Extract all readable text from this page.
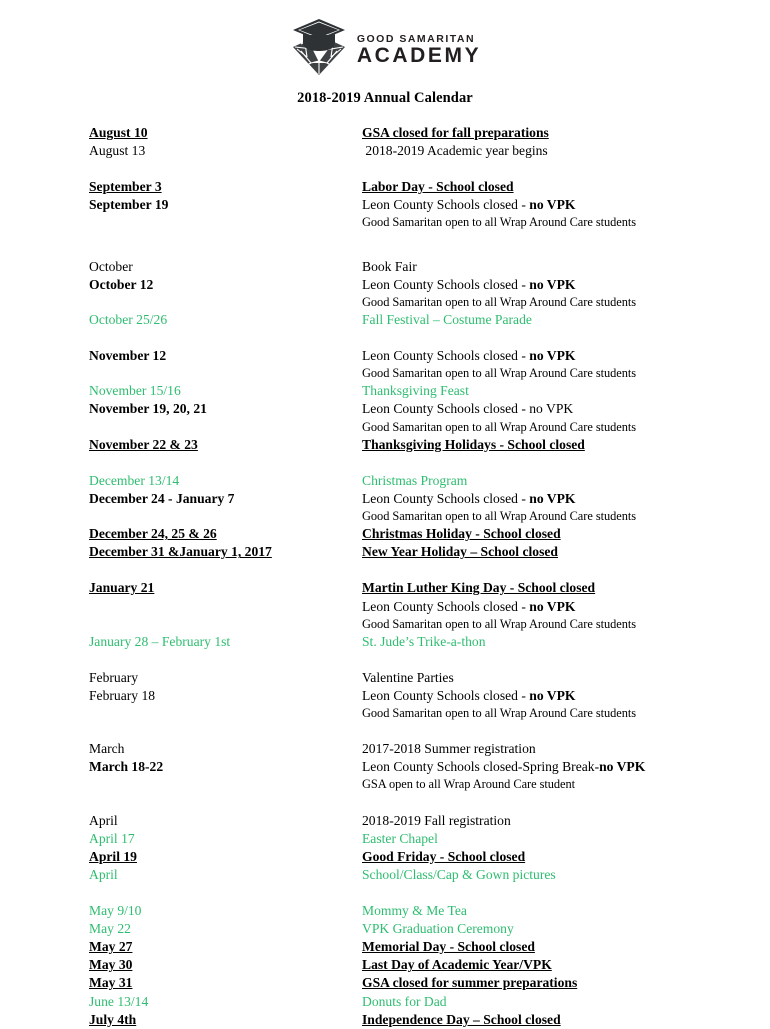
GOOD SAMARITAN
ACADEMY
2018-2019 Annual Calendar
August 10	GSA closed for fall preparations
August 13	2018-2019 Academic year begins
September 3	Labor Day - School closed
September 19	Leon County Schools closed - no VPK
Good Samaritan open to all Wrap Around Care students
October	Book Fair
October 12	Leon County Schools closed - no VPK
Good Samaritan open to all Wrap Around Care students
October 25/26	Fall Festival – Costume Parade
November 12	Leon County Schools closed - no VPK
Good Samaritan open to all Wrap Around Care students
November 15/16	Thanksgiving Feast
November 19, 20, 21	Leon County Schools closed - no VPK
Good Samaritan open to all Wrap Around Care students
November 22 & 23	Thanksgiving Holidays - School closed
December 13/14	Christmas Program
December 24 - January 7	Leon County Schools closed - no VPK
Good Samaritan open to all Wrap Around Care students
December 24, 25 & 26	Christmas Holiday - School closed
December 31 &January 1, 2017	New Year Holiday – School closed
January 21	Martin Luther King Day - School closed
Leon County Schools closed - no VPK
Good Samaritan open to all Wrap Around Care students
January 28 – February 1st	St. Jude’s Trike-a-thon
February	Valentine Parties
February 18	Leon County Schools closed - no VPK
Good Samaritan open to all Wrap Around Care students
March	2017-2018 Summer registration
March 18-22	Leon County Schools closed-Spring Break-no VPK
GSA open to all Wrap Around Care student
April	2018-2019 Fall registration
April 17	Easter Chapel
April 19	Good Friday - School closed
April	School/Class/Cap & Gown pictures
May 9/10	Mommy & Me Tea
May 22	VPK Graduation Ceremony
May 27	Memorial Day - School closed
May 30	Last Day of Academic Year/VPK
May 31	GSA closed for summer preparations
June 13/14	Donuts for Dad
July 4th	Independence Day – School closed
